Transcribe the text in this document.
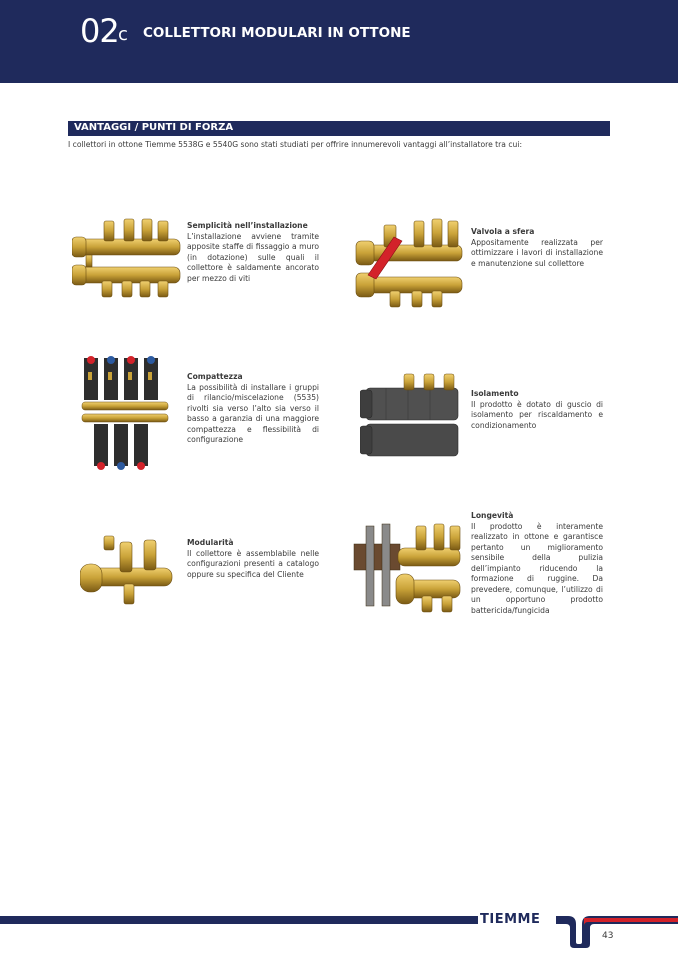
02 c COLLETTORI MODULARI IN OTTONE
VANTAGGI / PUNTI DI FORZA
I collettori in ottone Tiemme 5538G e 5540G sono stati studiati per offrire innumerevoli vantaggi all’installatore tra cui:
Semplicità nell’installazione
L’installazione avviene tramite apposite staffe di fissaggio a muro (in dotazione) sulle quali il collettore è saldamente ancorato per mezzo di viti
Valvola a sfera
Appositamente realizzata per ottimizzare i lavori di installazione e manutenzione sul collettore
Compattezza
La possibilità di installare i gruppi di rilancio/miscelazione (5535) rivolti sia verso l’alto sia verso il basso a garanzia di una maggiore compattezza e flessibilità di configurazione
Isolamento
Il prodotto è dotato di guscio di isolamento per riscaldamento e condizionamento
Modularità
Il collettore è assemblabile nelle configurazioni presenti a catalogo oppure su specifica del Cliente
Longevità
Il prodotto è interamente realizzato in ottone e garantisce pertanto un miglioramento sensibile della pulizia dell’impianto riducendo la formazione di ruggine. Da prevedere, comunque, l’utilizzo di un opportuno prodotto battericida/fungicida
TIEMME
43
